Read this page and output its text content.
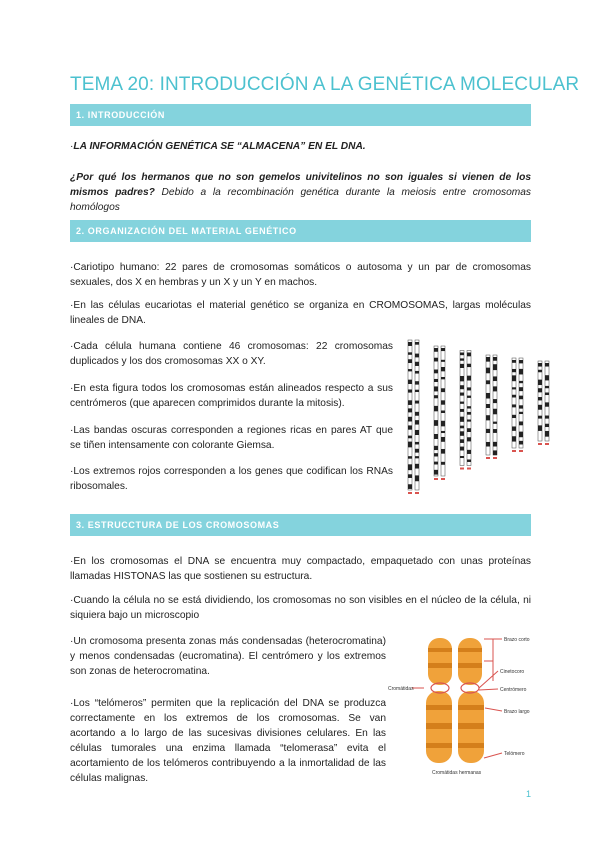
TEMA 20: INTRODUCCIÓN A LA GENÉTICA MOLECULAR
1. INTRODUCCIÓN
·LA INFORMACIÓN GENÉTICA SE “ALMACENA” EN EL DNA.
¿Por qué los hermanos que no son gemelos univitelinos no son iguales si vienen de los mismos padres? Debido a la recombinación genética durante la meiosis entre cromosomas homólogos
2. ORGANIZACIÓN DEL MATERIAL GENÉTICO
·Cariotipo humano: 22 pares de cromosomas somáticos o autosoma y un par de cromosomas sexuales, dos X en hembras y un X y un Y en machos.
·En las células eucariotas el material genético se organiza en CROMOSOMAS, largas moléculas lineales de DNA.
·Cada célula humana contiene 46 cromosomas: 22 cromosomas duplicados y los dos cromosomas XX o XY.
·En esta figura todos los cromosomas están alineados respecto a sus centrómeros (que aparecen comprimidos durante la mitosis).
·Las bandas oscuras corresponden a regiones ricas en pares AT que se tiñen intensamente con colorante Giemsa.
·Los extremos rojos corresponden a los genes que codifican los RNAs ribosomales.
3. ESTRUCCTURA DE LOS CROMOSOMAS
·En los cromosomas el DNA se encuentra muy compactado, empaquetado con unas proteínas llamadas HISTONAS las que sostienen su estructura.
·Cuando la célula no se está dividiendo, los cromosomas no son visibles en el núcleo de la célula, ni siquiera bajo un microscopio
·Un cromosoma presenta zonas más condensadas (heterocromatina) y menos condensadas (eucromatina). El centrómero y los extremos son zonas de heterocromatina.
·Los “telómeros” permiten que la replicación del DNA se produzca correctamente en los extremos de los cromosomas. Se van acortando a lo largo de las sucesivas divisiones celulares. En las células tumorales una enzima llamada “telomerasa” evita el acortamiento de los telómeros contribuyendo a la inmortalidad de las células malignas.
Brazo corto
Cinetocoro
Centrómero
Brazo largo
Telómero
Cromátidas
Cromátidas hermanas
1
